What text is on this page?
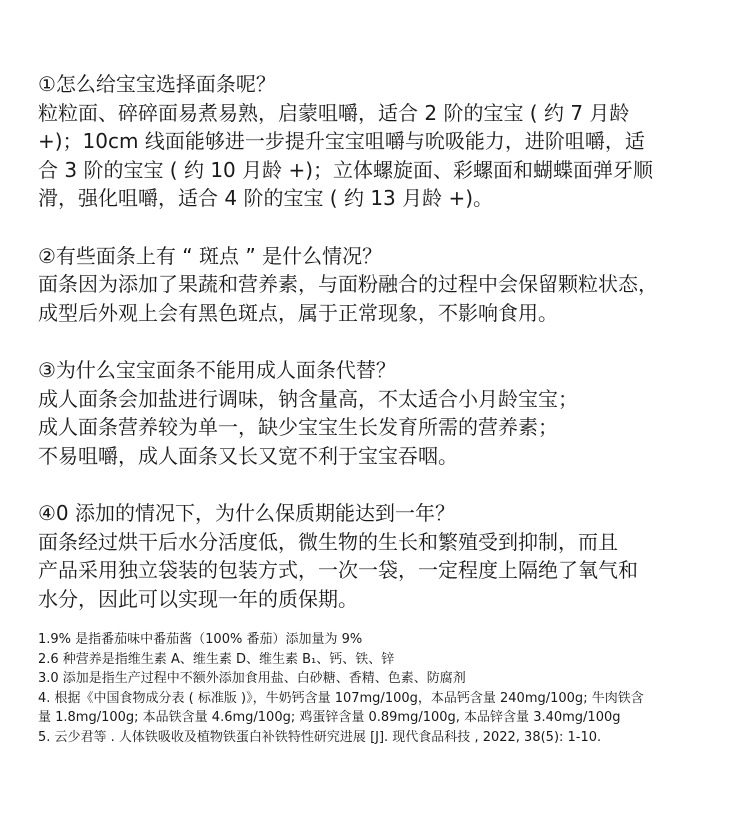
①怎么给宝宝选择面条呢？
粒粒面、碎碎面易煮易熟，启蒙咀嚼，适合 2 阶的宝宝 ( 约 7 月龄
+)；10cm 线面能够进一步提升宝宝咀嚼与吮吸能力，进阶咀嚼，适
合 3 阶的宝宝 ( 约 10 月龄 +)；立体螺旋面、彩螺面和蝴蝶面弹牙顺
滑，强化咀嚼，适合 4 阶的宝宝 ( 约 13 月龄 +)。
②有些面条上有 “ 斑点 ” 是什么情况？
面条因为添加了果蔬和营养素，与面粉融合的过程中会保留颗粒状态，
成型后外观上会有黑色斑点，属于正常现象，不影响食用。
③为什么宝宝面条不能用成人面条代替？
成人面条会加盐进行调味，钠含量高，不太适合小月龄宝宝；
成人面条营养较为单一，缺少宝宝生长发育所需的营养素；
不易咀嚼，成人面条又长又宽不利于宝宝吞咽。
④0 添加的情况下，为什么保质期能达到一年？
面条经过烘干后水分活度低，微生物的生长和繁殖受到抑制，而且
产品采用独立袋装的包装方式，一次一袋，一定程度上隔绝了氧气和
水分，因此可以实现一年的质保期。
1.9% 是指番茄味中番茄酱（100% 番茄）添加量为 9%
2.6 种营养是指维生素 A、维生素 D、维生素 B₁、钙、铁、锌
3.0 添加是指生产过程中不额外添加食用盐、白砂糖、香精、色素、防腐剂
4. 根据《中国食物成分表 ( 标准版 )》，牛奶钙含量 107mg/100g，本品钙含量 240mg/100g; 牛肉铁含
量 1.8mg/100g; 本品铁含量 4.6mg/100g; 鸡蛋锌含量 0.89mg/100g, 本品锌含量 3.40mg/100g
5. 云少君等 . 人体铁吸收及植物铁蛋白补铁特性研究进展 [J]. 现代食品科技 , 2022, 38(5): 1-10.
